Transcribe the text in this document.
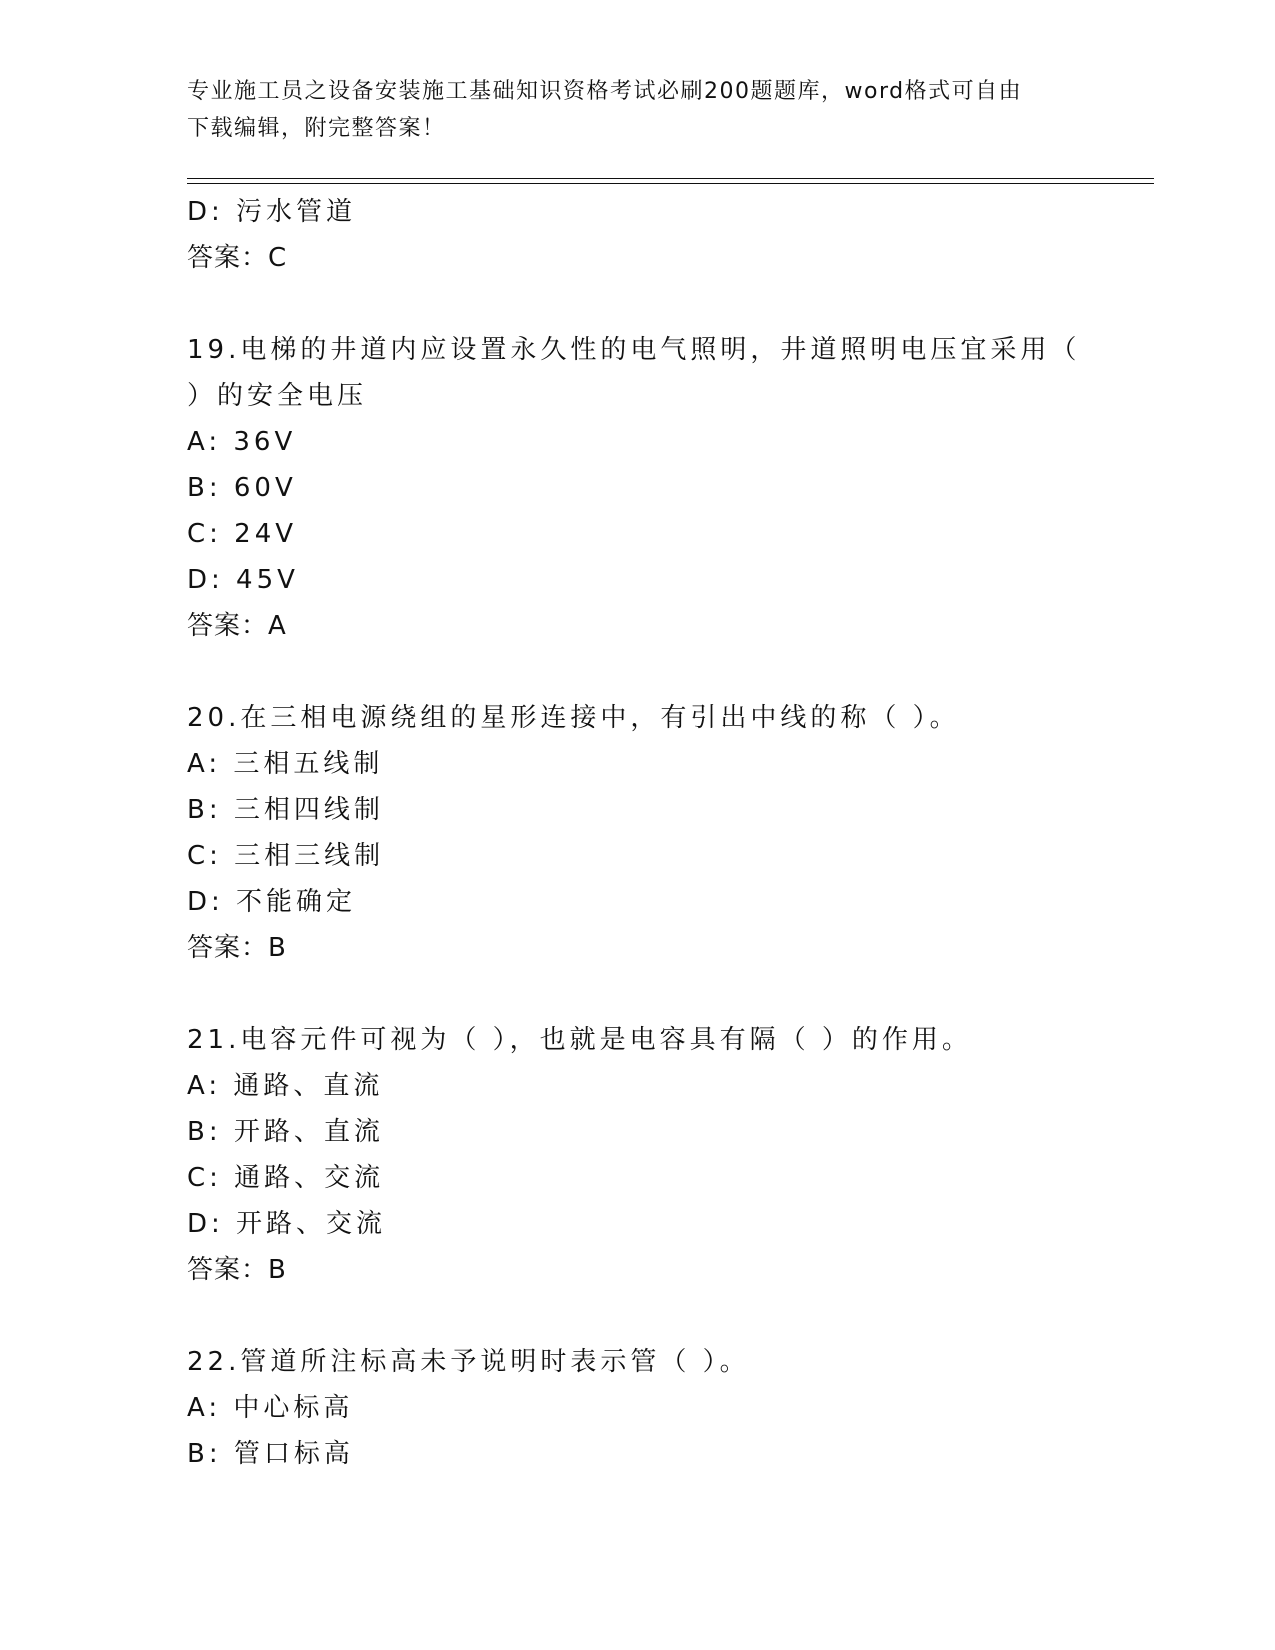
专业施工员之设备安装施工基础知识资格考试必刷200题题库，word格式可自由
下载编辑，附完整答案！
D: 污水管道
答案：C
19.电梯的井道内应设置永久性的电气照明，井道照明电压宜采用（
）的安全电压
A: 36V
B: 60V
C: 24V
D: 45V
答案：A
20.在三相电源绕组的星形连接中，有引出中线的称（ ）。
A: 三相五线制
B: 三相四线制
C: 三相三线制
D: 不能确定
答案：B
21.电容元件可视为（ ），也就是电容具有隔（ ）的作用。
A: 通路、直流
B: 开路、直流
C: 通路、交流
D: 开路、交流
答案：B
22.管道所注标高未予说明时表示管（ ）。
A: 中心标高
B: 管口标高
